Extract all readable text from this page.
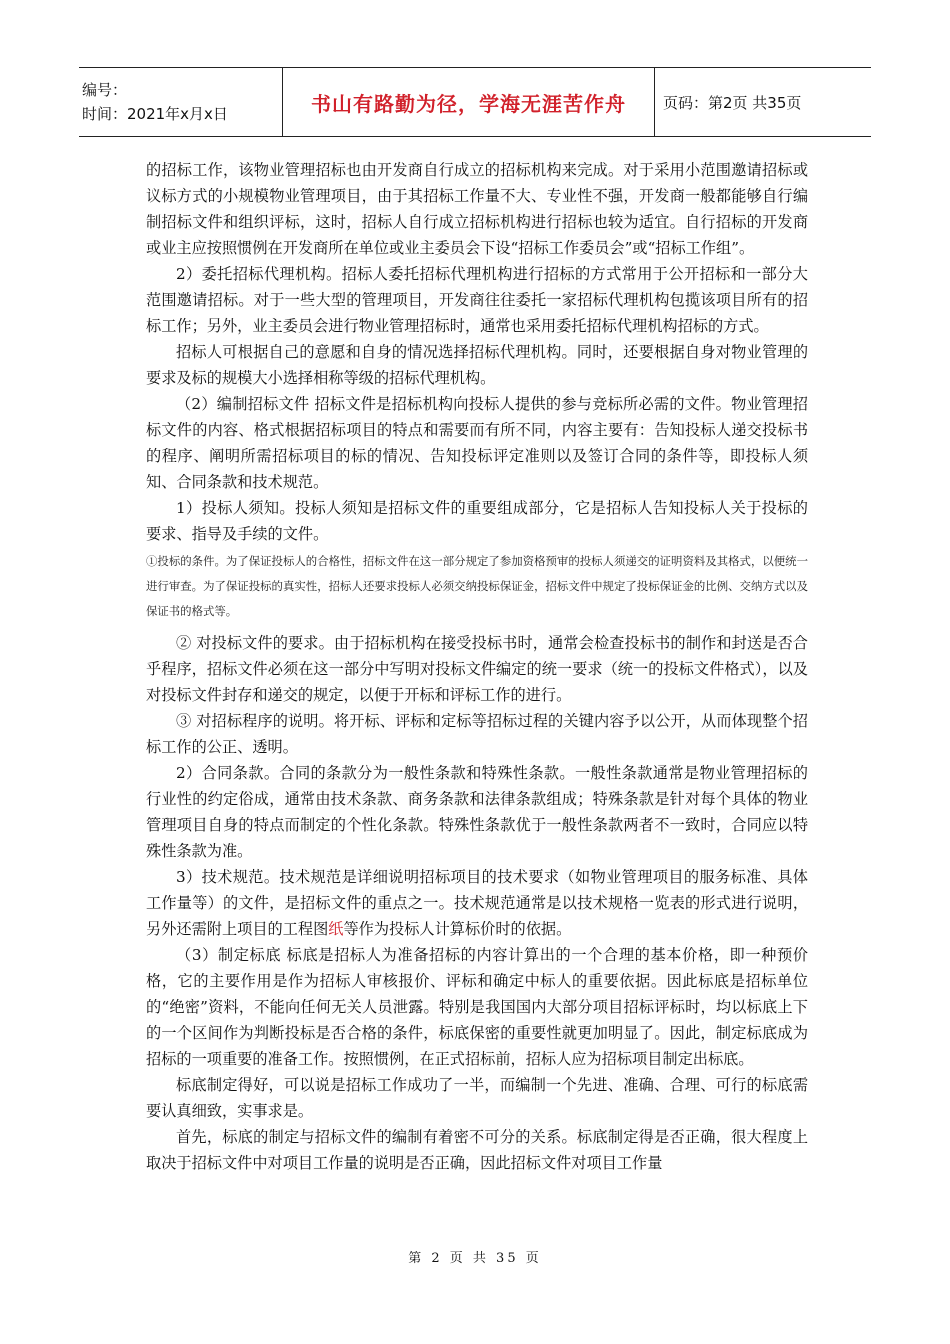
编号：
时间：2021年x月x日	书山有路勤为径，学海无涯苦作舟 页码：第2页 共35页

的招标工作，该物业管理招标也由开发商自行成立的招标机构来完成。对于采用小范围邀请招标或议标方式的小规模物业管理项目，由于其招标工作量不大、专业性不强，开发商一般都能够自行编制招标文件和组织评标，这时，招标人自行成立招标机构进行招标也较为适宜。自行招标的开发商或业主应按照惯例在开发商所在单位或业主委员会下设“招标工作委员会”或“招标工作组”。

2）委托招标代理机构。招标人委托招标代理机构进行招标的方式常用于公开招标和一部分大范围邀请招标。对于一些大型的管理项目，开发商往往委托一家招标代理机构包揽该项目所有的招标工作；另外，业主委员会进行物业管理招标时，通常也采用委托招标代理机构招标的方式。

招标人可根据自己的意愿和自身的情况选择招标代理机构。同时，还要根据自身对物业管理的要求及标的规模大小选择相称等级的招标代理机构。

（2）编制招标文件 招标文件是招标机构向投标人提供的参与竞标所必需的文件。物业管理招标文件的内容、格式根据招标项目的特点和需要而有所不同，内容主要有：告知投标人递交投标书的程序、阐明所需招标项目的标的情况、告知投标评定准则以及签订合同的条件等，即投标人须知、合同条款和技术规范。

1）投标人须知。投标人须知是招标文件的重要组成部分，它是招标人告知投标人关于投标的要求、指导及手续的文件。

①投标的条件。为了保证投标人的合格性，招标文件在这一部分规定了参加资格预审的投标人须递交的证明资料及其格式，以便统一进行审查。为了保证投标的真实性，招标人还要求投标人必须交纳投标保证金，招标文件中规定了投标保证金的比例、交纳方式以及保证书的格式等。

② 对投标文件的要求。由于招标机构在接受投标书时，通常会检查投标书的制作和封送是否合乎程序，招标文件必须在这一部分中写明对投标文件编定的统一要求（统一的投标文件格式），以及对投标文件封存和递交的规定，以便于开标和评标工作的进行。

③ 对招标程序的说明。将开标、评标和定标等招标过程的关键内容予以公开，从而体现整个招标工作的公正、透明。

2）合同条款。合同的条款分为一般性条款和特殊性条款。一般性条款通常是物业管理招标的行业性的约定俗成，通常由技术条款、商务条款和法律条款组成；特殊条款是针对每个具体的物业管理项目自身的特点而制定的个性化条款。特殊性条款优于一般性条款两者不一致时，合同应以特殊性条款为准。

3）技术规范。技术规范是详细说明招标项目的技术要求（如物业管理项目的服务标准、具体工作量等）的文件，是招标文件的重点之一。技术规范通常是以技术规格一览表的形式进行说明，另外还需附上项目的工程图纸等作为投标人计算标价时的依据。

（3）制定标底 标底是招标人为准备招标的内容计算出的一个合理的基本价格，即一种预价格，它的主要作用是作为招标人审核报价、评标和确定中标人的重要依据。因此标底是招标单位的“绝密”资料，不能向任何无关人员泄露。特别是我国国内大部分项目招标评标时，均以标底上下的一个区间作为判断投标是否合格的条件，标底保密的重要性就更加明显了。因此，制定标底成为招标的一项重要的准备工作。按照惯例，在正式招标前，招标人应为招标项目制定出标底。

标底制定得好，可以说是招标工作成功了一半，而编制一个先进、准确、合理、可行的标底需要认真细致，实事求是。

首先，标底的制定与招标文件的编制有着密不可分的关系。标底制定得是否正确，很大程度上取决于招标文件中对项目工作量的说明是否正确，因此招标文件对项目工作量

第 2 页 共 35 页
